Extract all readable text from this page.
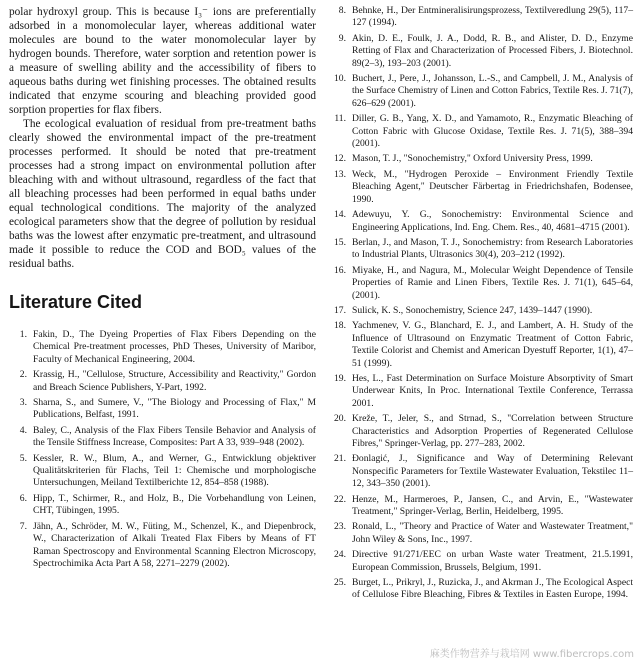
polar hydroxyl group. This is because I₃⁻ ions are preferentially adsorbed in a monomolecular layer, whereas additional water molecules are bound to the water monomolecular layer by hydrogen bounds. Therefore, water sorption and retention power is a measure of swelling ability and the accessibility of fibers to aqueous baths during wet finishing processes. The obtained results indicated that enzyme scouring and bleaching provided good sorption properties for flax fibers.

The ecological evaluation of residual from pre-treatment baths clearly showed the environmental impact of the pre-treatment processes performed. It should be noted that pre-treatment processes had a strong impact on environmental pollution after bleaching with and without ultrasound, regardless of the fact that all bleaching processes had been performed in equal baths under equal technological conditions. The majority of the analyzed ecological parameters show that the degree of pollution by residual baths was the lowest after enzymatic pre-treatment, and ultrasound made it possible to reduce the COD and BOD₅ values of the residual baths.

Literature Cited
1. Fakin, D., The Dyeing Properties of Flax Fibers Depending on the Chemical Pre-treatment processes, PhD Theses, University of Maribor, Faculty of Mechanical Engineering, 2004.
2. Krassig, H., "Cellulose, Structure, Accessibility and Reactivity," Gordon and Breach Science Publishers, Y-Part, 1992.
3. Sharna, S., and Sumere, V., "The Biology and Processing of Flax," M Publications, Belfast, 1991.
4. Baley, C., Analysis of the Flax Fibers Tensile Behavior and Analysis of the Tensile Stiffness Increase, Composites: Part A 33, 939–948 (2002).
5. Kessler, R. W., Blum, A., and Werner, G., Entwicklung objektiver Qualitätskriterien für Flachs, Teil 1: Chemische und morphologische Untersuchungen, Meiland Textilberichte 12, 854–858 (1988).
6. Hipp, T., Schirmer, R., and Holz, B., Die Vorbehandlung von Leinen, CHT, Tübingen, 1995.
7. Jähn, A., Schröder, M. W., Füting, M., Schenzel, K., and Diepenbrock, W., Characterization of Alkali Treated Flax Fibers by Means of FT Raman Spectroscopy and Environmental Scanning Electron Microscopy, Spectrochimika Acta Part A 58, 2271–2279 (2002).
8. Behnke, H., Der Entmineralisirungsprozess, Textilveredlung 29(5), 117–127 (1994).
9. Akin, D. E., Foulk, J. A., Dodd, R. B., and Alister, D. D., Enzyme Retting of Flax and Characterization of Processed Fibers, J. Biotechnol. 89(2–3), 193–203 (2001).
10. Buchert, J., Pere, J., Johansson, L.-S., and Campbell, J. M., Analysis of the Surface Chemistry of Linen and Cotton Fabrics, Textile Res. J. 71(7), 626–629 (2001).
11. Diller, G. B., Yang, X. D., and Yamamoto, R., Enzymatic Bleaching of Cotton Fabric with Glucose Oxidase, Textile Res. J. 71(5), 388–394 (2001).
12. Mason, T. J., "Sonochemistry," Oxford University Press, 1999.
13. Weck, M., "Hydrogen Peroxide – Environment Friendly Textile Bleaching Agent," Deutscher Färbertag in Friedrichshafen, Bodensee, 1990.
14. Adewuyu, Y. G., Sonochemistry: Environmental Science and Engineering Applications, Ind. Eng. Chem. Res., 40, 4681–4715 (2001).
15. Berlan, J., and Mason, T. J., Sonochemistry: from Research Laboratories to Industrial Plants, Ultrasonics 30(4), 203–212 (1992).
16. Miyake, H., and Nagura, M., Molecular Weight Dependence of Tensile Properties of Ramie and Linen Fibers, Textile Res. J. 71(1), 645–64, (2001).
17. Sulick, K. S., Sonochemistry, Science 247, 1439–1447 (1990).
18. Yachmenev, V. G., Blanchard, E. J., and Lambert, A. H. Study of the Influence of Ultrasound on Enzymatic Treatment of Cotton Fabric, Textile Colorist and Chemist and American Dyestuff Reporter, 1(1), 47–51 (1999).
19. Hes, L., Fast Determination on Surface Moisture Absorptivity of Smart Underwear Knits, In Proc. International Textile Conference, Terrassa 2001.
20. Kreže, T., Jeler, S., and Strnad, S., "Correlation between Structure Characteristics and Adsorption Properties of Regenerated Cellulose Fibres," Springer-Verlag, pp. 277–283, 2002.
21. Đonlagić, J., Significance and Way of Determining Relevant Nonspecific Parameters for Textile Wastewater Evaluation, Tekstilec 11–12, 343–350 (2001).
22. Henze, M., Harmeroes, P., Jansen, C., and Arvin, E., "Wastewater Treatment," Springer-Verlag, Berlin, Heidelberg, 1995.
23. Ronald, L., "Theory and Practice of Water and Wastewater Treatment," John Wiley & Sons, Inc., 1997.
24. Directive 91/271/EEC on urban Waste water Treatment, 21.5.1991, European Commission, Brussels, Belgium, 1991.
25. Burget, L., Prikryl, J., Ruzicka, J., and Akrman J., The Ecological Aspect of Cellulose Fibre Bleaching, Fibres & Textiles in Easten Europe, 1994.
麻类作物营养与栽培网 www.fibercrops.com
